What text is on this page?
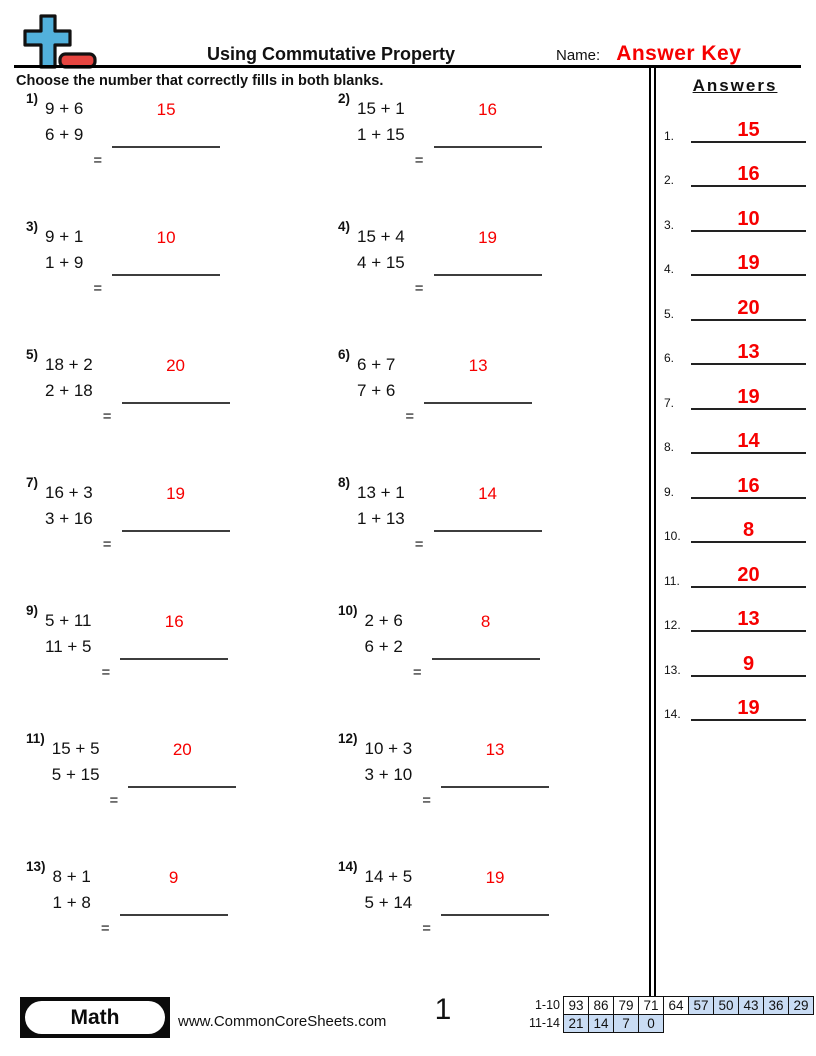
Using Commutative Property	Name: Answer Key
Choose the number that correctly fills in both blanks.
1)
9 + 6
6 + 9
=
15
2)
15 + 1
1 + 15
=
16
3)
9 + 1
1 + 9
=
10
4)
15 + 4
4 + 15
=
19
5)
18 + 2
2 + 18
=
20
6)
6 + 7
7 + 6
=
13
7)
16 + 3
3 + 16
=
19
8)
13 + 1
1 + 13
=
14
9)
5 + 11
11 + 5
=
16
10)
2 + 6
6 + 2
=
8
11)
15 + 5
5 + 15
=
20
12)
10 + 3
3 + 10
=
13
13)
8 + 1
1 + 8
=
9
14)
14 + 5
5 + 14
=
19
Answers
1.	15
2.	16
3.	10
4.	19
5.	20
6.	13
7.	19
8.	14
9.	16
10.	8
11.	20
12.	13
13.	9
14.	19
Math	www.CommonCoreSheets.com	1	1-10 93 86 79 71 64 57 50 43 36 29
11-14 21 14	7	0
